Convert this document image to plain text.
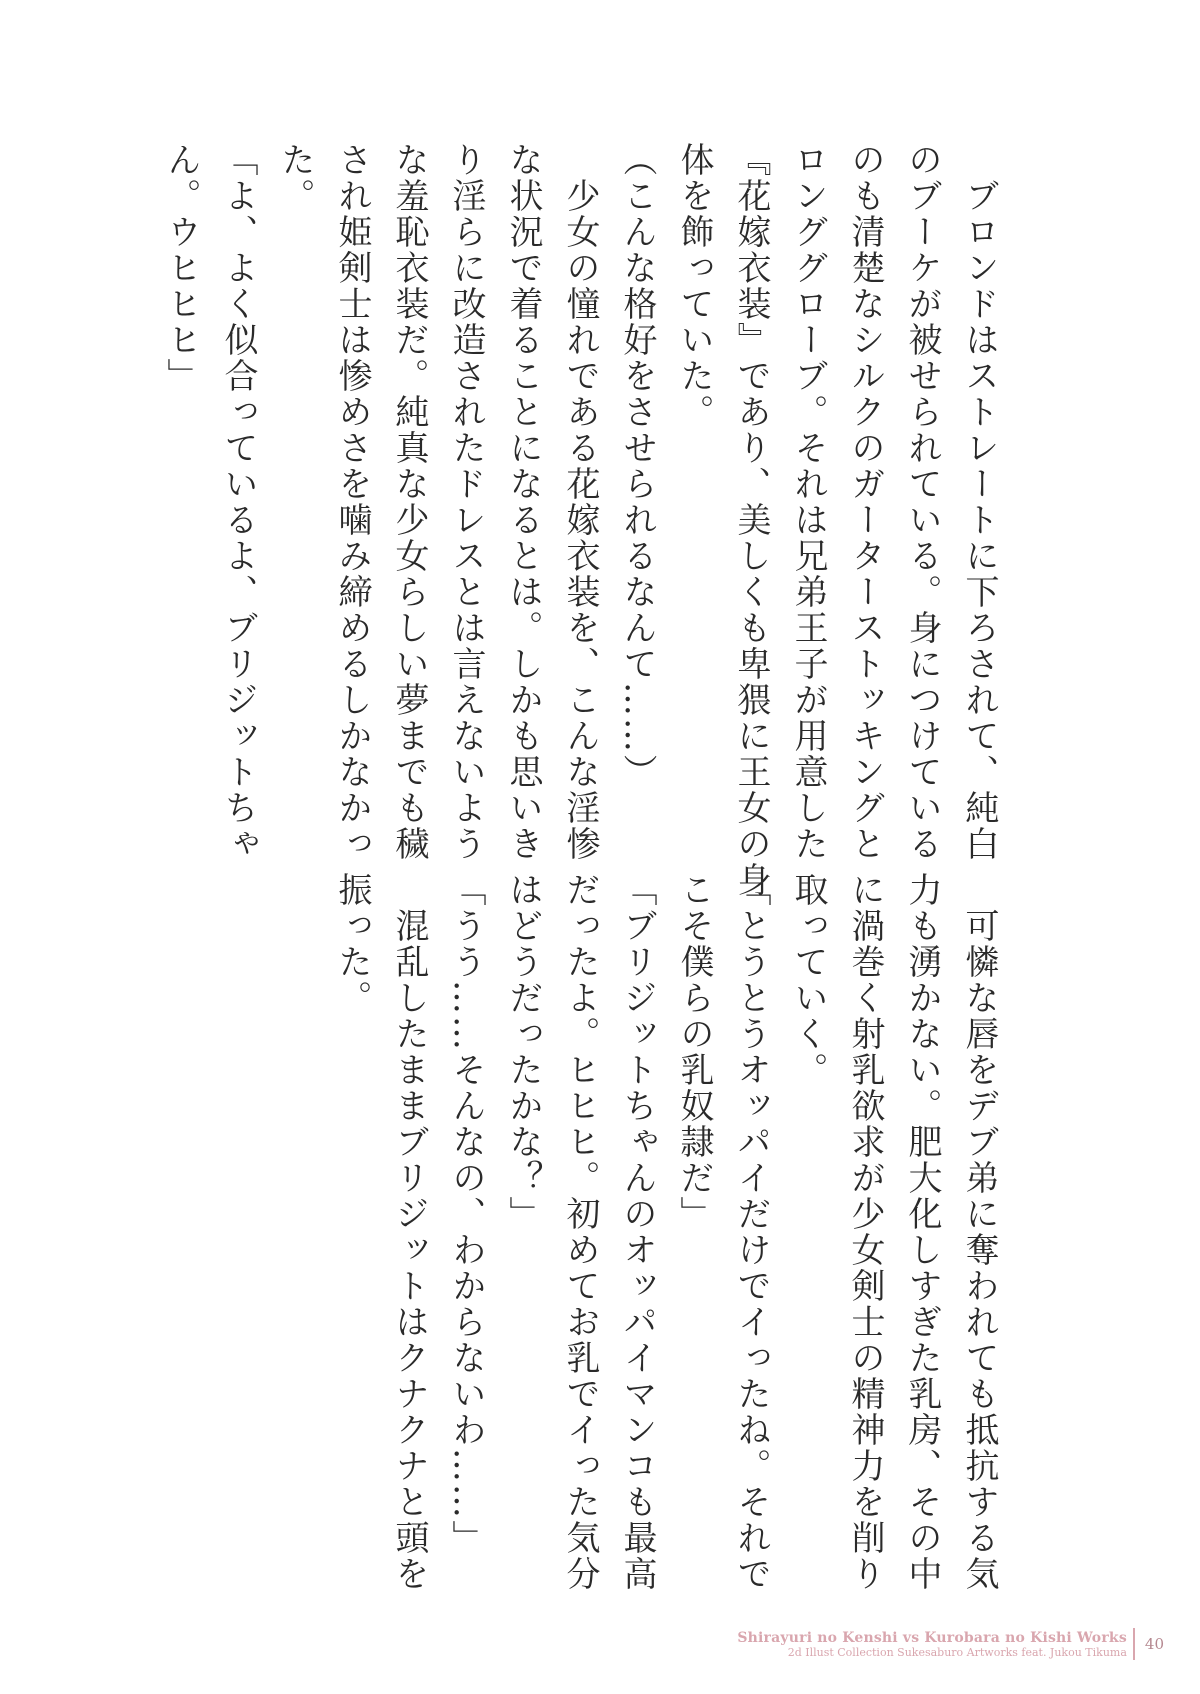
　ブロンドはストレートに下ろされて、純白
のブーケが被せられている。身につけている
のも清楚なシルクのガーターストッキングと
ロンググローブ。それは兄弟王子が用意した
『花嫁衣装』であり、美しくも卑猥に王女の身
体を飾っていた。
（こんな格好をさせられるなんて……）
　少女の憧れである花嫁衣装を、こんな淫惨
な状況で着ることになるとは。しかも思いき
り淫らに改造されたドレスとは言えないよう
な羞恥衣装だ。純真な少女らしい夢までも穢
され姫剣士は惨めさを噛み締めるしかなかっ
た。
「よ、よく似合っているよ、ブリジットちゃ
ん。ウヒヒヒ」
　可憐な唇をデブ弟に奪われても抵抗する気
力も湧かない。肥大化しすぎた乳房、その中
に渦巻く射乳欲求が少女剣士の精神力を削り
取っていく。
「とうとうオッパイだけでイったね。それで
こそ僕らの乳奴隷だ」
「ブリジットちゃんのオッパイマンコも最高
だったよ。ヒヒヒ。初めてお乳でイった気分
はどうだったかな？」
「うう……そんなの、わからないわ……」
　混乱したままブリジットはクナクナと頭を
振った。
Shirayuri no Kenshi vs Kurobara no Kishi Works
2d Illust Collection Sukesaburo Artworks feat. Jukou Tikuma 40
